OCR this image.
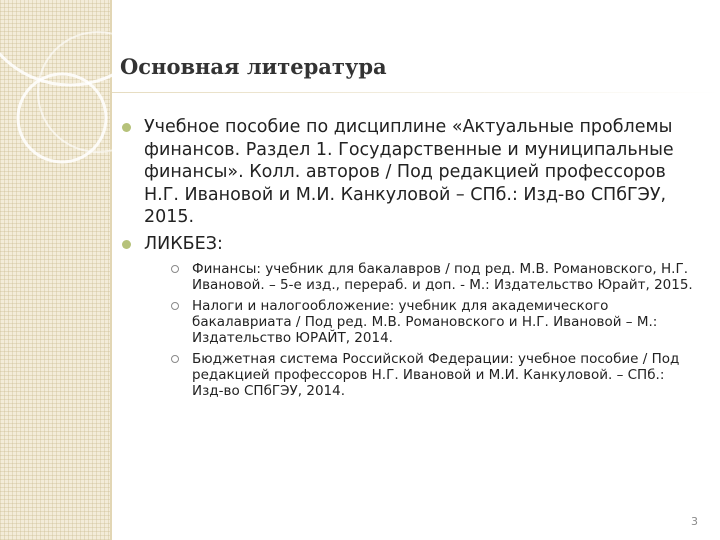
Основная литература
Учебное пособие по дисциплине «Актуальные проблемы финансов. Раздел 1. Государственные и муниципальные финансы». Колл. авторов / Под редакцией профессоров Н.Г. Ивановой и М.И. Канкуловой – СПб.: Изд-во СПбГЭУ, 2015.
ЛИКБЕЗ:
Финансы: учебник для бакалавров / под ред. М.В. Романовского, Н.Г. Ивановой. – 5-е изд., перераб. и доп. - М.: Издательство Юрайт, 2015.
Налоги и налогообложение: учебник для академического бакалавриата / Под ред. М.В. Романовского и Н.Г. Ивановой – М.: Издательство ЮРАЙТ, 2014.
Бюджетная система Российской Федерации: учебное пособие / Под редакцией профессоров Н.Г. Ивановой и М.И. Канкуловой. – СПб.: Изд-во СПбГЭУ, 2014.
3
